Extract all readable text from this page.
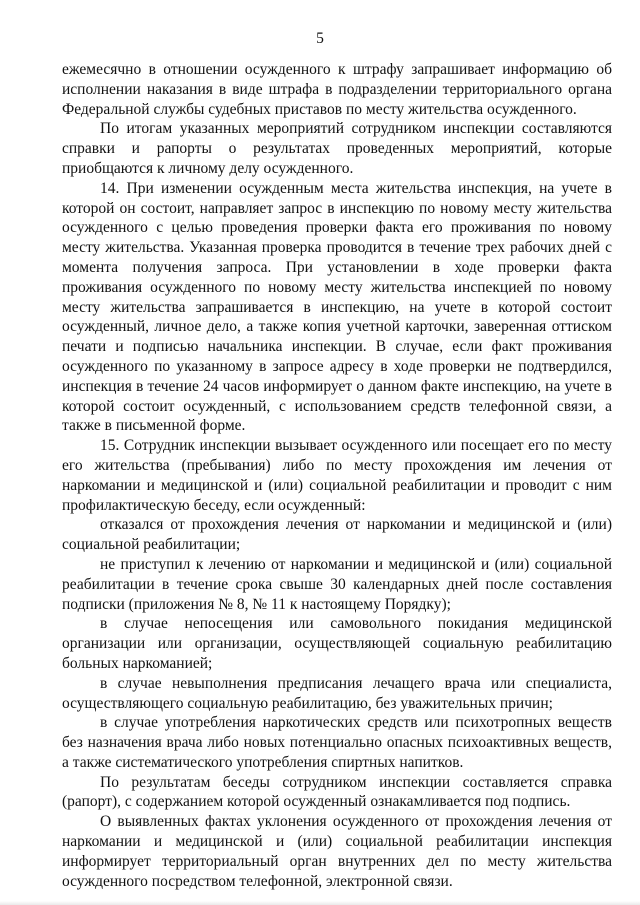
5

ежемесячно в отношении осужденного к штрафу запрашивает информацию об исполнении наказания в виде штрафа в подразделении территориального органа Федеральной службы судебных приставов по месту жительства осужденного.

По итогам указанных мероприятий сотрудником инспекции составляются справки и рапорты о результатах проведенных мероприятий, которые приобщаются к личному делу осужденного.

14. При изменении осужденным места жительства инспекция, на учете в которой он состоит, направляет запрос в инспекцию по новому месту жительства осужденного с целью проведения проверки факта его проживания по новому месту жительства. Указанная проверка проводится в течение трех рабочих дней с момента получения запроса. При установлении в ходе проверки факта проживания осужденного по новому месту жительства инспекцией по новому месту жительства запрашивается в инспекцию, на учете в которой состоит осужденный, личное дело, а также копия учетной карточки, заверенная оттиском печати и подписью начальника инспекции. В случае, если факт проживания осужденного по указанному в запросе адресу в ходе проверки не подтвердился, инспекция в течение 24 часов информирует о данном факте инспекцию, на учете в которой состоит осужденный, с использованием средств телефонной связи, а также в письменной форме.

15. Сотрудник инспекции вызывает осужденного или посещает его по месту его жительства (пребывания) либо по месту прохождения им лечения от наркомании и медицинской и (или) социальной реабилитации и проводит с ним профилактическую беседу, если осужденный:

отказался от прохождения лечения от наркомании и медицинской и (или) социальной реабилитации;

не приступил к лечению от наркомании и медицинской и (или) социальной реабилитации в течение срока свыше 30 календарных дней после составления подписки (приложения № 8, № 11 к настоящему Порядку);

в случае непосещения или самовольного покидания медицинской организации или организации, осуществляющей социальную реабилитацию больных наркоманией;

в случае невыполнения предписания лечащего врача или специалиста, осуществляющего социальную реабилитацию, без уважительных причин;

в случае употребления наркотических средств или психотропных веществ без назначения врача либо новых потенциально опасных психоактивных веществ, а также систематического употребления спиртных напитков.

По результатам беседы сотрудником инспекции составляется справка (рапорт), с содержанием которой осужденный ознакамливается под подпись.

О выявленных фактах уклонения осужденного от прохождения лечения от наркомании и медицинской и (или) социальной реабилитации инспекция информирует территориальный орган внутренних дел по месту жительства осужденного посредством телефонной, электронной связи.
